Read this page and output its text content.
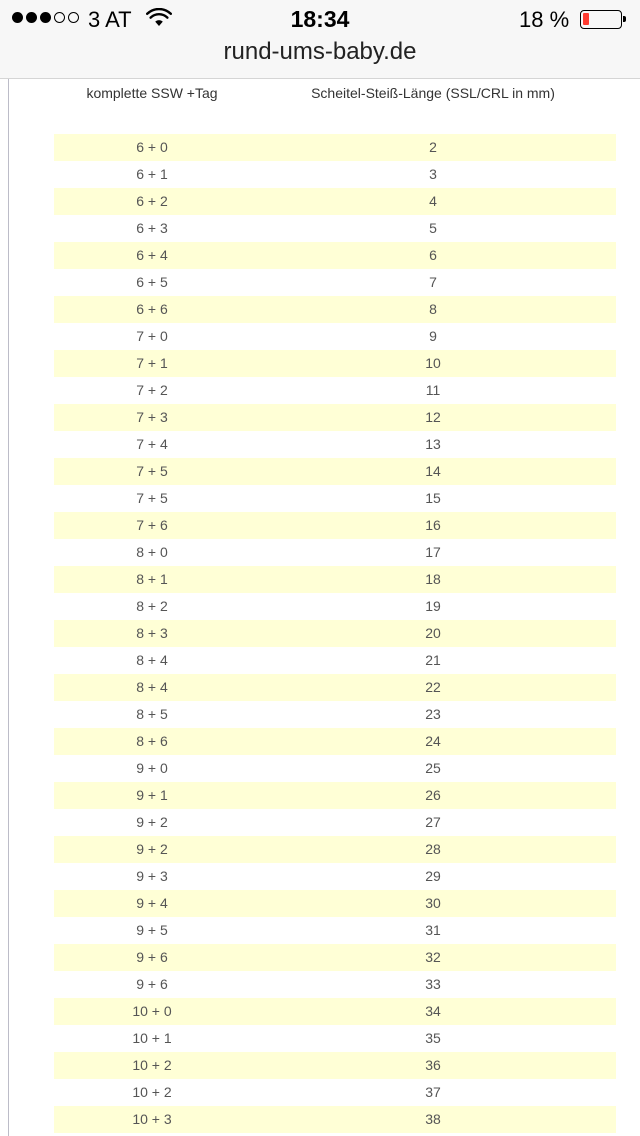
3 AT	18:34	18 %
rund-ums-baby.de
komplette SSW +Tag	Scheitel-Steiß-Länge (SSL/CRL in mm)
6 + 0	2
6 + 1	3
6 + 2	4
6 + 3	5
6 + 4	6
6 + 5	7
6 + 6	8
7 + 0	9
7 + 1	10
7 + 2	11
7 + 3	12
7 + 4	13
7 + 5	14
7 + 5	15
7 + 6	16
8 + 0	17
8 + 1	18
8 + 2	19
8 + 3	20
8 + 4	21
8 + 4	22
8 + 5	23
8 + 6	24
9 + 0	25
9 + 1	26
9 + 2	27
9 + 2	28
9 + 3	29
9 + 4	30
9 + 5	31
9 + 6	32
9 + 6	33
10 + 0	34
10 + 1	35
10 + 2	36
10 + 2	37
10 + 3	38
